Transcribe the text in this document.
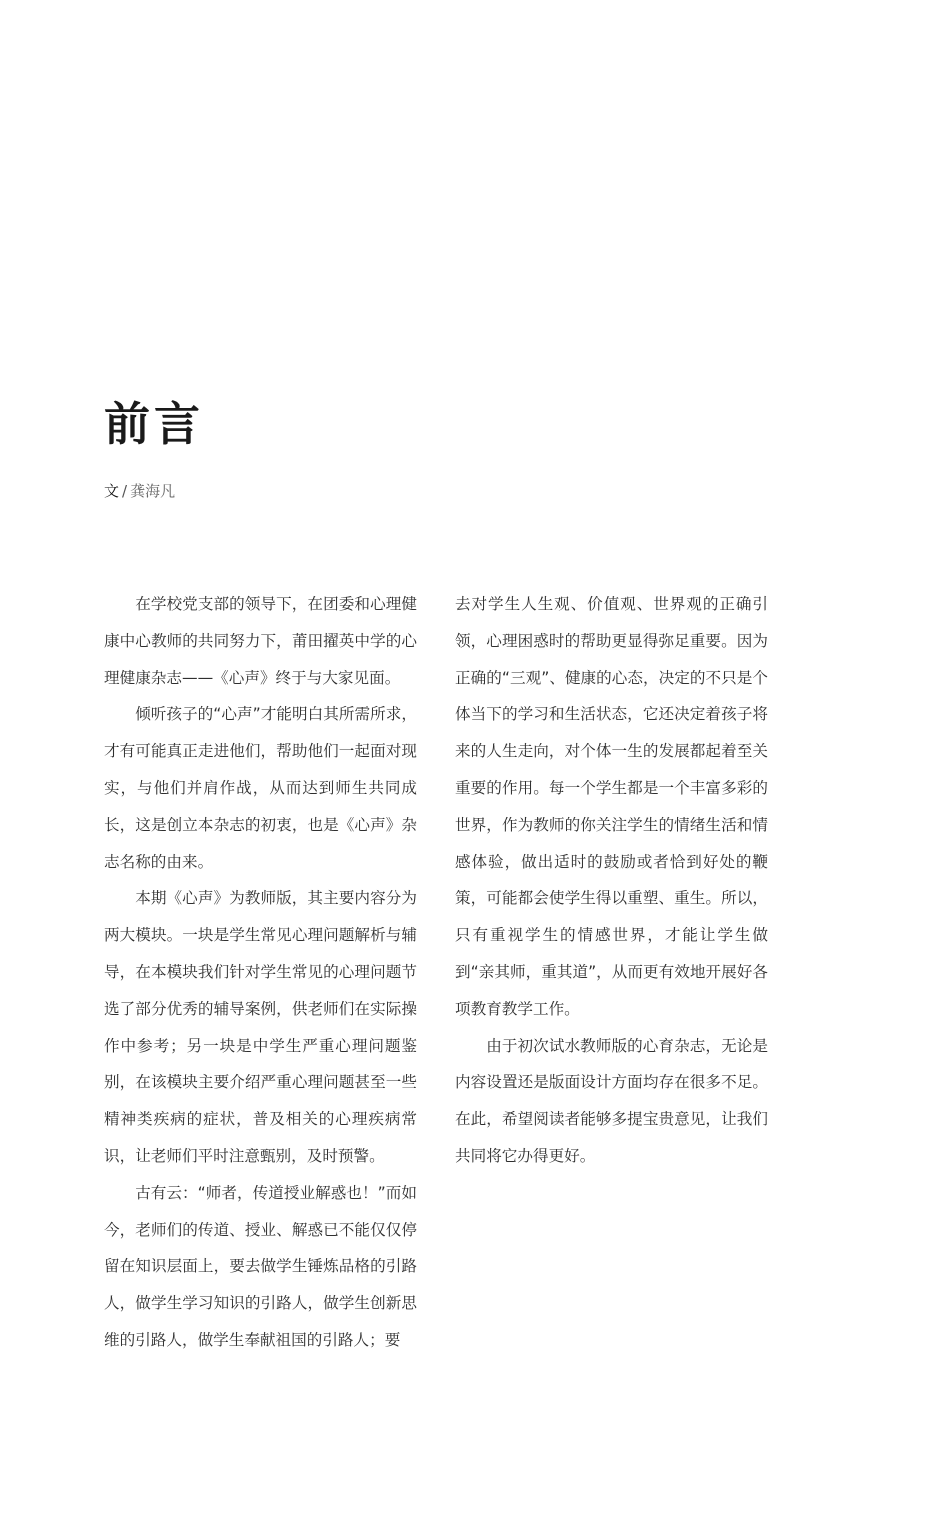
前言
文 / 龚海凡

在学校党支部的领导下，在团委和心理健康中心教师的共同努力下，莆田擢英中学的心理健康杂志——《心声》终于与大家见面。

倾听孩子的“心声”才能明白其所需所求，才有可能真正走进他们，帮助他们一起面对现实，与他们并肩作战，从而达到师生共同成长，这是创立本杂志的初衷，也是《心声》杂志名称的由来。

本期《心声》为教师版，其主要内容分为两大模块。一块是学生常见心理问题解析与辅导，在本模块我们针对学生常见的心理问题节选了部分优秀的辅导案例，供老师们在实际操作中参考；另一块是中学生严重心理问题鉴别，在该模块主要介绍严重心理问题甚至一些精神类疾病的症状，普及相关的心理疾病常识，让老师们平时注意甄别，及时预警。

古有云：“师者，传道授业解惑也！”而如今，老师们的传道、授业、解惑已不能仅仅停留在知识层面上，要去做学生锤炼品格的引路人，做学生学习知识的引路人，做学生创新思维的引路人，做学生奉献祖国的引路人；要

去对学生人生观、价值观、世界观的正确引领，心理困惑时的帮助更显得弥足重要。因为正确的“三观”、健康的心态，决定的不只是个体当下的学习和生活状态，它还决定着孩子将来的人生走向，对个体一生的发展都起着至关重要的作用。每一个学生都是一个丰富多彩的世界，作为教师的你关注学生的情绪生活和情感体验，做出适时的鼓励或者恰到好处的鞭策，可能都会使学生得以重塑、重生。所以，只有重视学生的情感世界，才能让学生做到“亲其师，重其道”，从而更有效地开展好各项教育教学工作。

由于初次试水教师版的心育杂志，无论是内容设置还是版面设计方面均存在很多不足。在此，希望阅读者能够多提宝贵意见，让我们共同将它办得更好。
